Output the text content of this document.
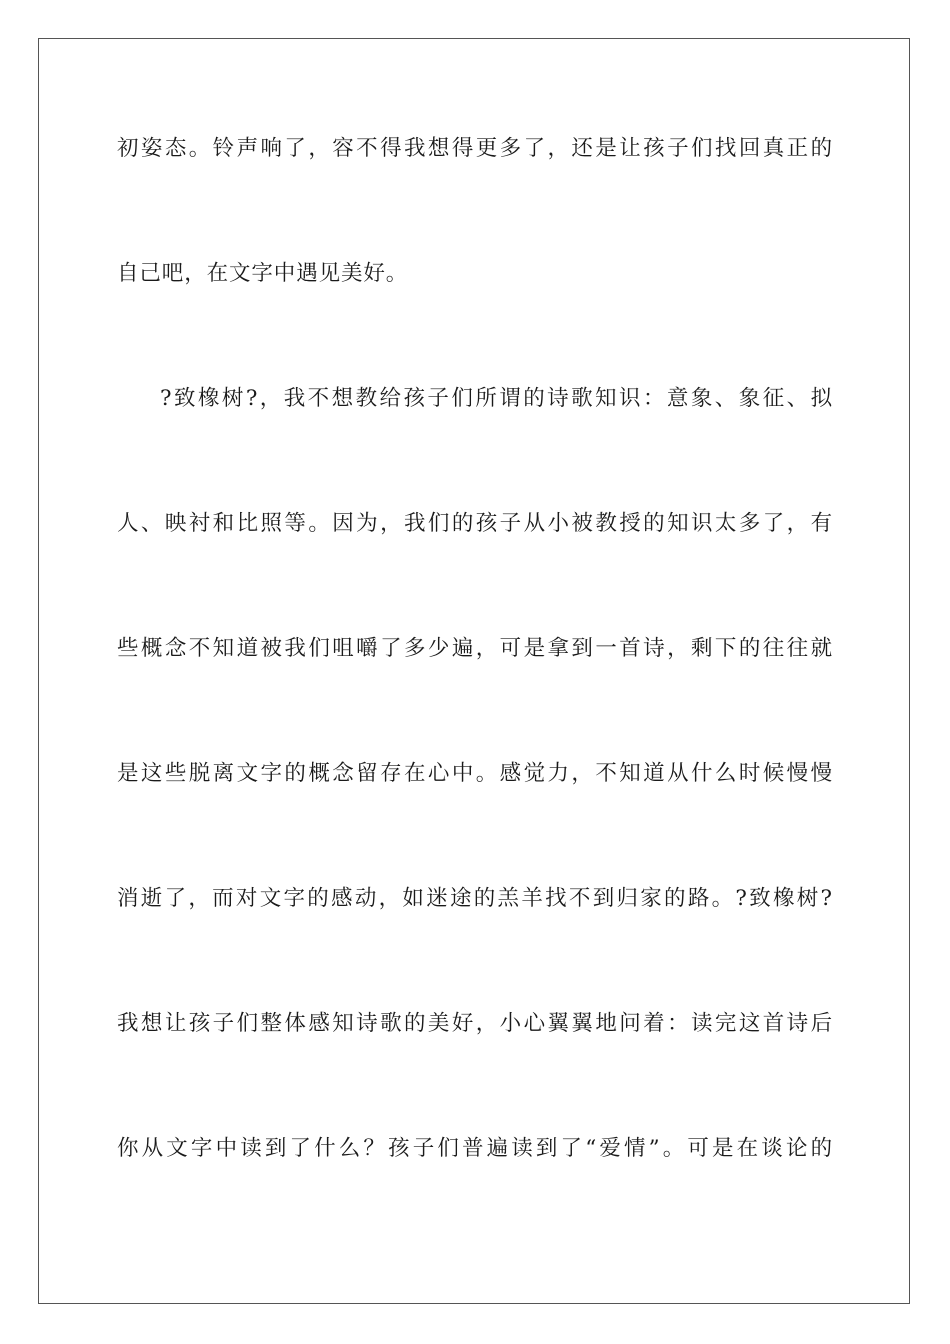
初姿态。铃声响了，容不得我想得更多了，还是让孩子们找回真正的
自己吧，在文字中遇见美好。
?致橡树?，我不想教给孩子们所谓的诗歌知识：意象、象征、拟
人、映衬和比照等。因为，我们的孩子从小被教授的知识太多了，有
些概念不知道被我们咀嚼了多少遍，可是拿到一首诗，剩下的往往就
是这些脱离文字的概念留存在心中。感觉力，不知道从什么时候慢慢
消逝了，而对文字的感动，如迷途的羔羊找不到归家的路。?致橡树?
我想让孩子们整体感知诗歌的美好，小心翼翼地问着：读完这首诗后
你从文字中读到了什么？孩子们普遍读到了“爱情”。可是在谈论的
